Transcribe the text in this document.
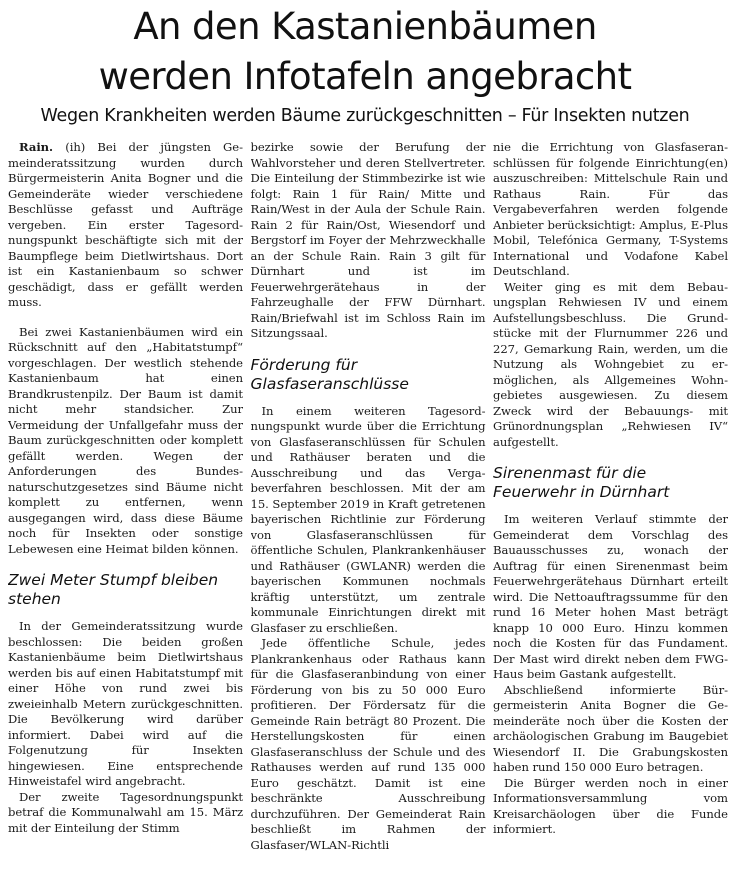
An den Kastanienbäumen
werden Infotafeln angebracht
Wegen Krankheiten werden Bäume zurückgeschnitten – Für Insekten nutzen

Rain. (ih) Bei der jüngsten Gemeinderatssitzung wurden durch Bürgermeisterin Anita Bogner und die Gemeinderäte wieder verschiedene Beschlüsse gefasst und Aufträge vergeben. Ein erster Tagesordnungspunkt beschäftigte sich mit der Baumpflege beim Dietlwirtshaus. Dort ist ein Kastanienbaum so schwer geschädigt, dass er gefällt werden muss.

Bei zwei Kastanienbäumen wird ein Rückschnitt auf den „Habitatstumpf“ vorgeschlagen. Der westlich stehende Kastanienbaum hat einen Brandkrustenpilz. Der Baum ist damit nicht mehr standsicher. Zur Vermeidung der Unfallgefahr muss der Baum zurückgeschnitten oder komplett gefällt werden. Wegen der Anforderungen des Bundesnaturschutzgesetzes sind Bäume nicht komplett zu entfernen, wenn ausgegangen wird, dass diese Bäume noch für Insekten oder sonstige Lebewesen eine Heimat bilden können.

Zwei Meter Stumpf bleiben stehen

In der Gemeinderatssitzung wurde beschlossen: Die beiden großen Kastanienbäume beim Dietlwirtshaus werden bis auf einen Habitatstumpf mit einer Höhe von rund zwei bis zweieinhalb Metern zurückgeschnitten. Die Bevölkerung wird darüber informiert. Dabei wird auf die Folgenutzung für Insekten hingewiesen. Eine entsprechende Hinweistafel wird angebracht.

Der zweite Tagesordnungspunkt betraf die Kommunalwahl am 15. März mit der Einteilung der Stimm

bezirke sowie der Berufung der Wahlvorsteher und deren Stellvertreter. Die Einteilung der Stimmbezirke ist wie folgt: Rain 1 für Rain/ Mitte und Rain/West in der Aula der Schule Rain. Rain 2 für Rain/Ost, Wiesendorf und Bergstorf im Foyer der Mehrzweckhalle an der Schule Rain. Rain 3 gilt für Dürnhart und ist im Feuerwehrgerätehaus in der Fahrzeughalle der FFW Dürnhart. Rain/Briefwahl ist im Schloss Rain im Sitzungssaal.

Förderung für Glasfaseranschlüsse

In einem weiteren Tagesordnungspunkt wurde über die Errichtung von Glasfaseranschlüssen für Schulen und Rathäuser beraten und die Ausschreibung und das Vergabeverfahren beschlossen. Mit der am 15. September 2019 in Kraft getretenen bayerischen Richtlinie zur Förderung von Glasfaseranschlüssen für öffentliche Schulen, Plankrankenhäuser und Rathäuser (GWLANR) werden die bayerischen Kommunen nochmals kräftig unterstützt, um zentrale kommunale Einrichtungen direkt mit Glasfaser zu erschließen.

Jede öffentliche Schule, jedes Plankrankenhaus oder Rathaus kann für die Glasfaseranbindung von einer Förderung von bis zu 50 000 Euro profitieren. Der Fördersatz für die Gemeinde Rain beträgt 80 Prozent. Die Herstellungskosten für einen Glasfaseranschluss der Schule und des Rathauses werden auf rund 135 000 Euro geschätzt. Damit ist eine beschränkte Ausschreibung durchzuführen. Der Gemeinderat Rain beschließt im Rahmen der Glasfaser/WLAN-Richtli

nie die Errichtung von Glasfaseranschlüssen für folgende Einrichtung(en) auszuschreiben: Mittelschule Rain und Rathaus Rain. Für das Vergabeverfahren werden folgende Anbieter berücksichtigt: Amplus, E-Plus Mobil, Telefónica Germany, T-Systems International und Vodafone Kabel Deutschland.

Weiter ging es mit dem Bebauungsplan Rehwiesen IV und einem Aufstellungsbeschluss. Die Grundstücke mit der Flurnummer 226 und 227, Gemarkung Rain, werden, um die Nutzung als Wohngebiet zu ermöglichen, als Allgemeines Wohngebietes ausgewiesen. Zu diesem Zweck wird der Bebauungs- mit Grünordnungsplan „Rehwiesen IV“ aufgestellt.

Sirenenmast für die Feuerwehr in Dürnhart

Im weiteren Verlauf stimmte der Gemeinderat dem Vorschlag des Bauausschusses zu, wonach der Auftrag für einen Sirenenmast beim Feuerwehrgerätehaus Dürnhart erteilt wird. Die Nettoauftragssumme für den rund 16 Meter hohen Mast beträgt knapp 10 000 Euro. Hinzu kommen noch die Kosten für das Fundament. Der Mast wird direkt neben dem FWG-Haus beim Gastank aufgestellt.

Abschließend informierte Bürgermeisterin Anita Bogner die Gemeinderäte noch über die Kosten der archäologischen Grabung im Baugebiet Wiesendorf II. Die Grabungskosten haben rund 150 000 Euro betragen.

Die Bürger werden noch in einer Informationsversammlung vom Kreisarchäologen über die Funde informiert.
